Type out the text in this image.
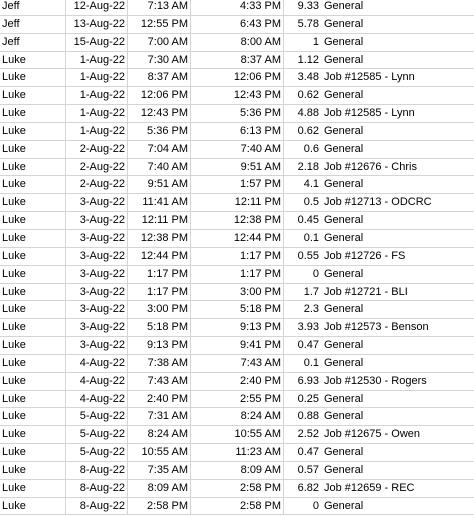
Jeff	12-Aug-22	7:13 AM	4:33 PM	9.33 General
Jeff	13-Aug-22	12:55 PM	6:43 PM	5.78 General
Jeff	15-Aug-22	7:00 AM	8:00 AM	1 General
Luke	1-Aug-22	7:30 AM	8:37 AM	1.12 General
Luke	1-Aug-22	8:37 AM	12:06 PM	3.48 Job #12585 - Lynn
Luke	1-Aug-22	12:06 PM	12:43 PM	0.62 General
Luke	1-Aug-22	12:43 PM	5:36 PM	4.88 Job #12585 - Lynn
Luke	1-Aug-22	5:36 PM	6:13 PM	0.62 General
Luke	2-Aug-22	7:04 AM	7:40 AM	0.6 General
Luke	2-Aug-22	7:40 AM	9:51 AM	2.18 Job #12676 - Chris
Luke	2-Aug-22	9:51 AM	1:57 PM	4.1 General
Luke	3-Aug-22	11:41 AM	12:11 PM	0.5 Job #12713 - ODCRC
Luke	3-Aug-22	12:11 PM	12:38 PM	0.45 General
Luke	3-Aug-22	12:38 PM	12:44 PM	0.1 General
Luke	3-Aug-22	12:44 PM	1:17 PM	0.55 Job #12726 - FS
Luke	3-Aug-22	1:17 PM	1:17 PM	0 General
Luke	3-Aug-22	1:17 PM	3:00 PM	1.7 Job #12721 - BLI
Luke	3-Aug-22	3:00 PM	5:18 PM	2.3 General
Luke	3-Aug-22	5:18 PM	9:13 PM	3.93 Job #12573 - Benson
Luke	3-Aug-22	9:13 PM	9:41 PM	0.47 General
Luke	4-Aug-22	7:38 AM	7:43 AM	0.1 General
Luke	4-Aug-22	7:43 AM	2:40 PM	6.93 Job #12530 - Rogers
Luke	4-Aug-22	2:40 PM	2:55 PM	0.25 General
Luke	5-Aug-22	7:31 AM	8:24 AM	0.88 General
Luke	5-Aug-22	8:24 AM	10:55 AM	2.52 Job #12675 - Owen
Luke	5-Aug-22	10:55 AM	11:23 AM	0.47 General
Luke	8-Aug-22	7:35 AM	8:09 AM	0.57 General
Luke	8-Aug-22	8:09 AM	2:58 PM	6.82 Job #12659 - REC
Luke	8-Aug-22	2:58 PM	2:58 PM	0 General
